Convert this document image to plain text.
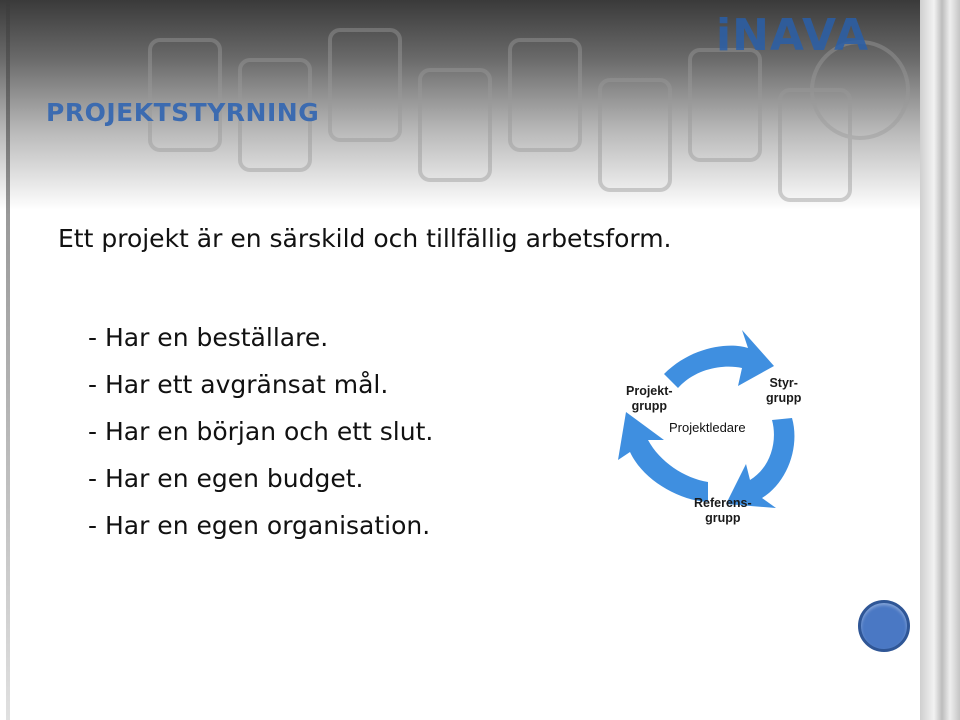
iNAVA
PROJEKTSTYRNING
Ett projekt är en särskild och tillfällig arbetsform.
- Har en beställare.
- Har ett avgränsat mål.
- Har en början och ett slut.
- Har en egen budget.
- Har en egen organisation.
Projekt-
grupp
Styr-
grupp
Referens-
grupp
Projektledare
